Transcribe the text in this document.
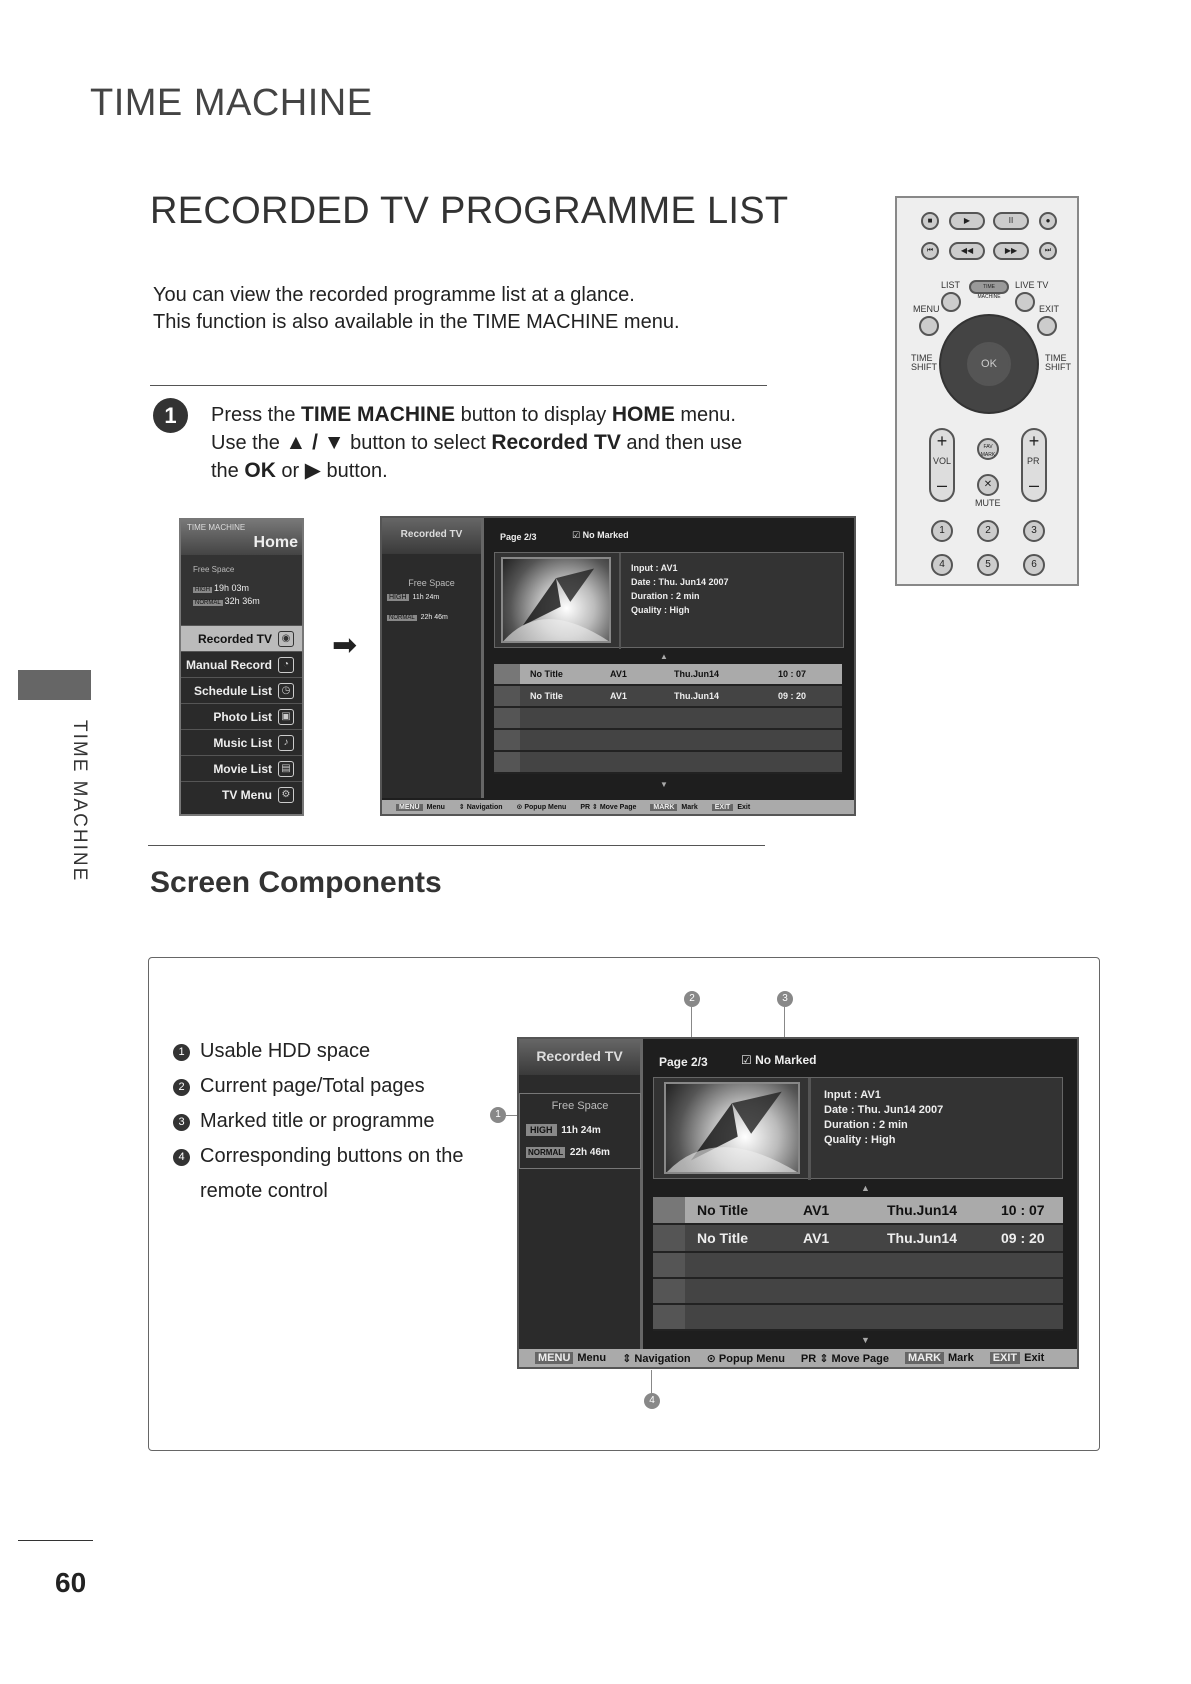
TIME MACHINE
RECORDED TV PROGRAMME LIST
You can view the recorded programme list at a glance.
This function is also available in the TIME MACHINE menu.
TIME MACHINE
1	Press the TIME MACHINE button to display HOME menu.
Use the ▲ / ▼ button to select Recorded TV and then use
the OK or ▶ button.
TIME MACHINE
Home
Free Space
HIGH 19h 03m
NORMAL 32h 36m
Recorded TV ◉
Manual Record	◔
Schedule List ◷
Photo List ▣
Music List	♪
Movie List ▤
TV Menu ⚙
➡
Recorded TV
Free Space
HIGH 11h 24m
NORMAL 22h 46m
Page 2/3	☑ No Marked
Input : AV1
Date : Thu. Jun14 2007
Duration : 2 min
Quality : High
▲
No Title	AV1	Thu.Jun14	10 : 07
No Title	AV1	Thu.Jun14	09 : 20
▼
MENU Menu ⇕ Navigation ⊙ Popup Menu PR ⇕ Move Page	MARK Mark	EXIT Exit
■	▶	II	●
⏮	◀◀	▶▶	⏭
LIST	LIVE TV
TIME MACHINE
MENU	EXIT
OK
TIME SHIFT
TIME SHIFT
+

–
VOL
+

–
PR
FAV MARK
✕
MUTE
1	2	3
4	5	6
Screen Components
1 Usable HDD space
2 Current page/Total pages
3 Marked title or programme
4 Corresponding buttons on the
remote control
2	3
1
4
Recorded TV
Free Space
HIGH 11h 24m
NORMAL 22h 46m
Page 2/3	☑ No Marked
Input : AV1
Date : Thu. Jun14 2007
Duration : 2 min
Quality : High
▲
No Title	AV1	Thu.Jun14	10 : 07
No Title	AV1	Thu.Jun14	09 : 20
▼
MENU Menu ⇕ Navigation ⊙ Popup Menu PR ⇕ Move Page MARK Mark EXIT Exit
60
